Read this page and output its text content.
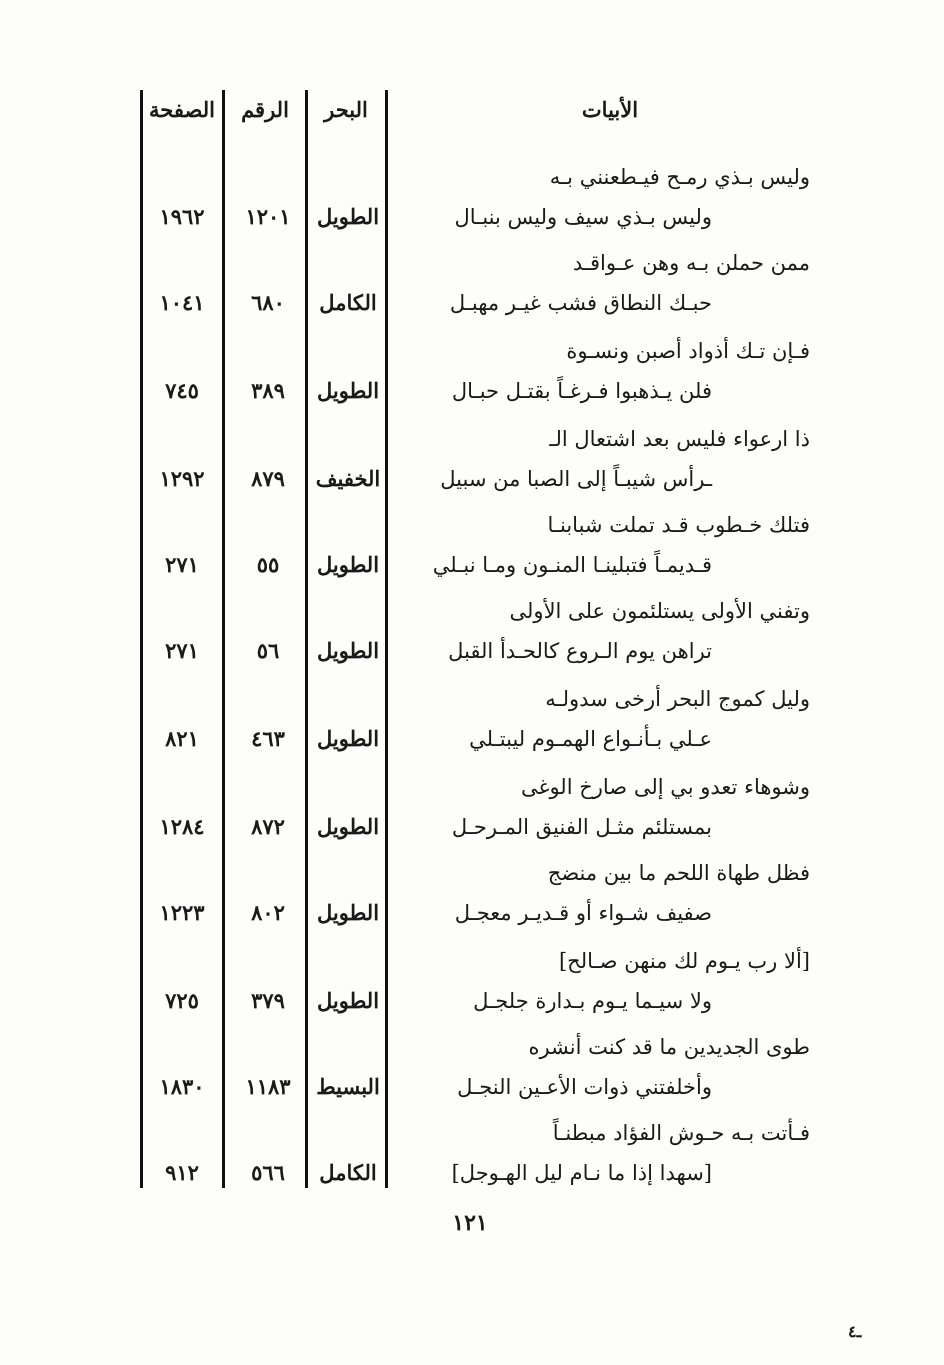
الأبيات
البحر
الرقم
الصفحة
وليس بـذي رمـح فيـطعنني بـه
وليس بـذي سيف وليس بنبـال
الطويل
١٢٠١
١٩٦٢
ممن حملن بـه وهن عـواقـد
حبـك النطاق فشب غيـر مهبـل
الكامل
٦٨٠
١٠٤١
فـإن تـك أذواد أصبن ونسـوة
فلن يـذهبوا فـرغـاً بقتـل حبـال
الطويل
٣٨٩
٧٤٥
ذا ارعواء فليس بعد اشتعال الـ
ـرأس شيبـاً إلى الصبا من سبيل
الخفيف
٨٧٩
١٢٩٢
فتلك خـطوب قـد تملت شبابنـا
قـديمـاً فتبلينـا المنـون ومـا نبـلي
الطويل
٥٥
٢٧١
وتفني الأولى يستلئمون على الأولى
تراهن يوم الـروع كالحـدأ القبل
الطويل
٥٦
٢٧١
وليل كموج البحر أرخى سدولـه
عـلي بـأنـواع الهمـوم ليبتـلي
الطويل
٤٦٣
٨٢١
وشوهاء تعدو بي إلى صارخ الوغى
بمستلئم مثـل الفنيق المـرحـل
الطويل
٨٧٢
١٢٨٤
فظل طهاة اللحم ما بين منضج
صفيف شـواء أو قـديـر معجـل
الطويل
٨٠٢
١٢٢٣
[ألا رب يـوم لك منهن صـالح]
ولا سيـما يـوم بـدارة جلجـل
الطويل
٣٧٩
٧٢٥
طوى الجديدين ما قد كنت أنشره
وأخلفتني ذوات الأعـين النجـل
البسيط
١١٨٣
١٨٣٠
فـأتت بـه حـوش الفؤاد مبطنـاً
[سهدا إذا ما نـام ليل الهـوجل]
الكامل
٥٦٦
٩١٢
١٢١
ـ٤
